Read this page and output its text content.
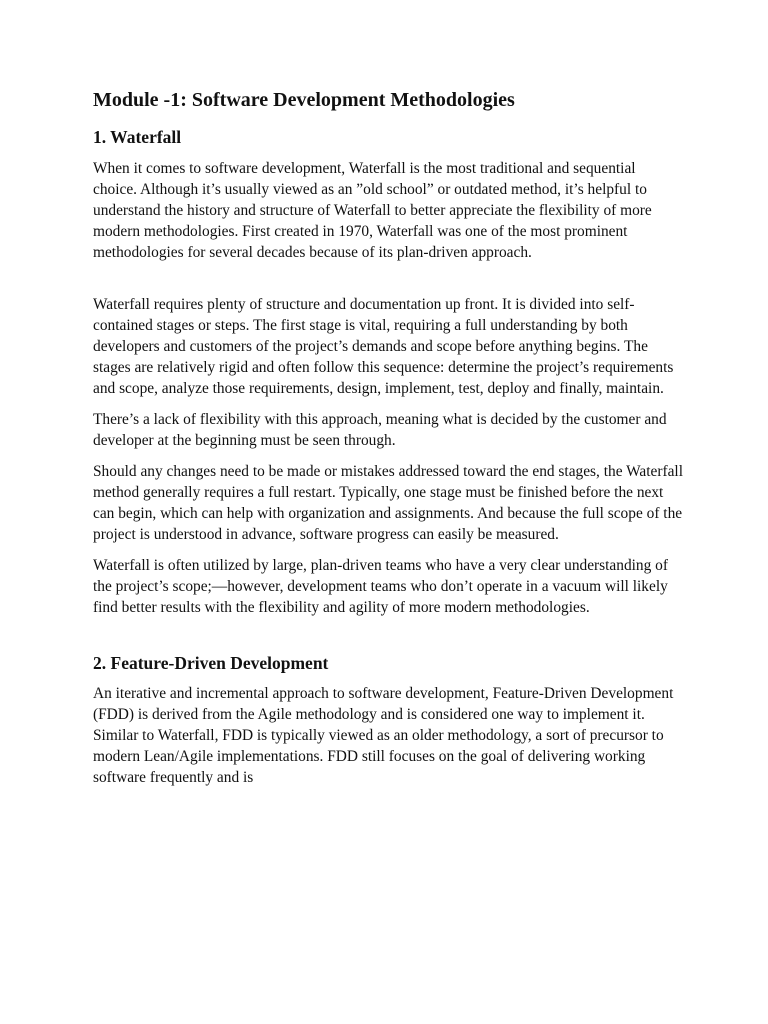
Module -1: Software Development Methodologies
1. Waterfall

When it comes to software development, Waterfall is the most traditional and sequential choice. Although it’s usually viewed as an ”old school” or outdated method, it’s helpful to understand the history and structure of Waterfall to better appreciate the flexibility of more modern methodologies. First created in 1970, Waterfall was one of the most prominent methodologies for several decades because of its plan-driven approach.

Waterfall requires plenty of structure and documentation up front. It is divided into self-contained stages or steps. The first stage is vital, requiring a full understanding by both developers and customers of the project’s demands and scope before anything begins. The stages are relatively rigid and often follow this sequence: determine the project’s requirements and scope, analyze those requirements, design, implement, test, deploy and finally, maintain.

There’s a lack of flexibility with this approach, meaning what is decided by the customer and developer at the beginning must be seen through.

Should any changes need to be made or mistakes addressed toward the end stages, the Waterfall method generally requires a full restart. Typically, one stage must be finished before the next can begin, which can help with organization and assignments. And because the full scope of the project is understood in advance, software progress can easily be measured.

Waterfall is often utilized by large, plan-driven teams who have a very clear understanding of the project’s scope;—however, development teams who don’t operate in a vacuum will likely find better results with the flexibility and agility of more modern methodologies.

2. Feature-Driven Development

An iterative and incremental approach to software development, Feature-Driven Development (FDD) is derived from the Agile methodology and is considered one way to implement it. Similar to Waterfall, FDD is typically viewed as an older methodology, a sort of precursor to modern Lean/Agile implementations. FDD still focuses on the goal of delivering working software frequently and is
